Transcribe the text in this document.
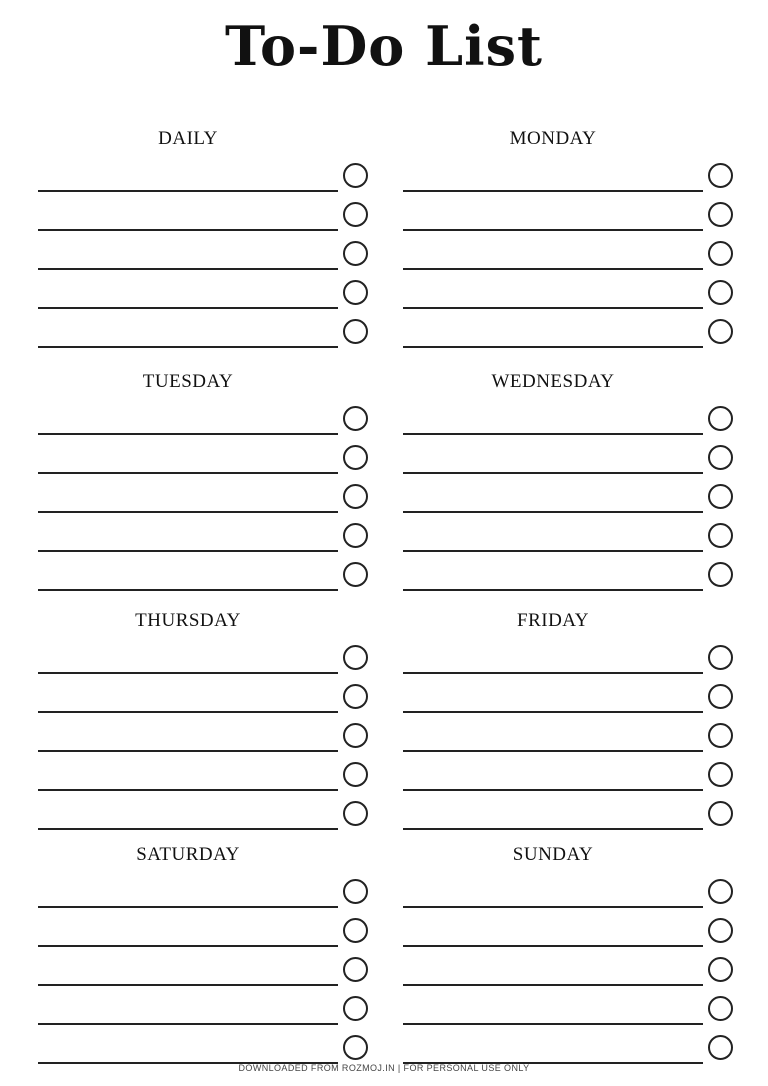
To-Do List
DAILY	MONDAY
TUESDAY	WEDNESDAY
THURSDAY	FRIDAY
SATURDAY	SUNDAY
DOWNLOADED FROM ROZMOJ.IN | FOR PERSONAL USE ONLY
